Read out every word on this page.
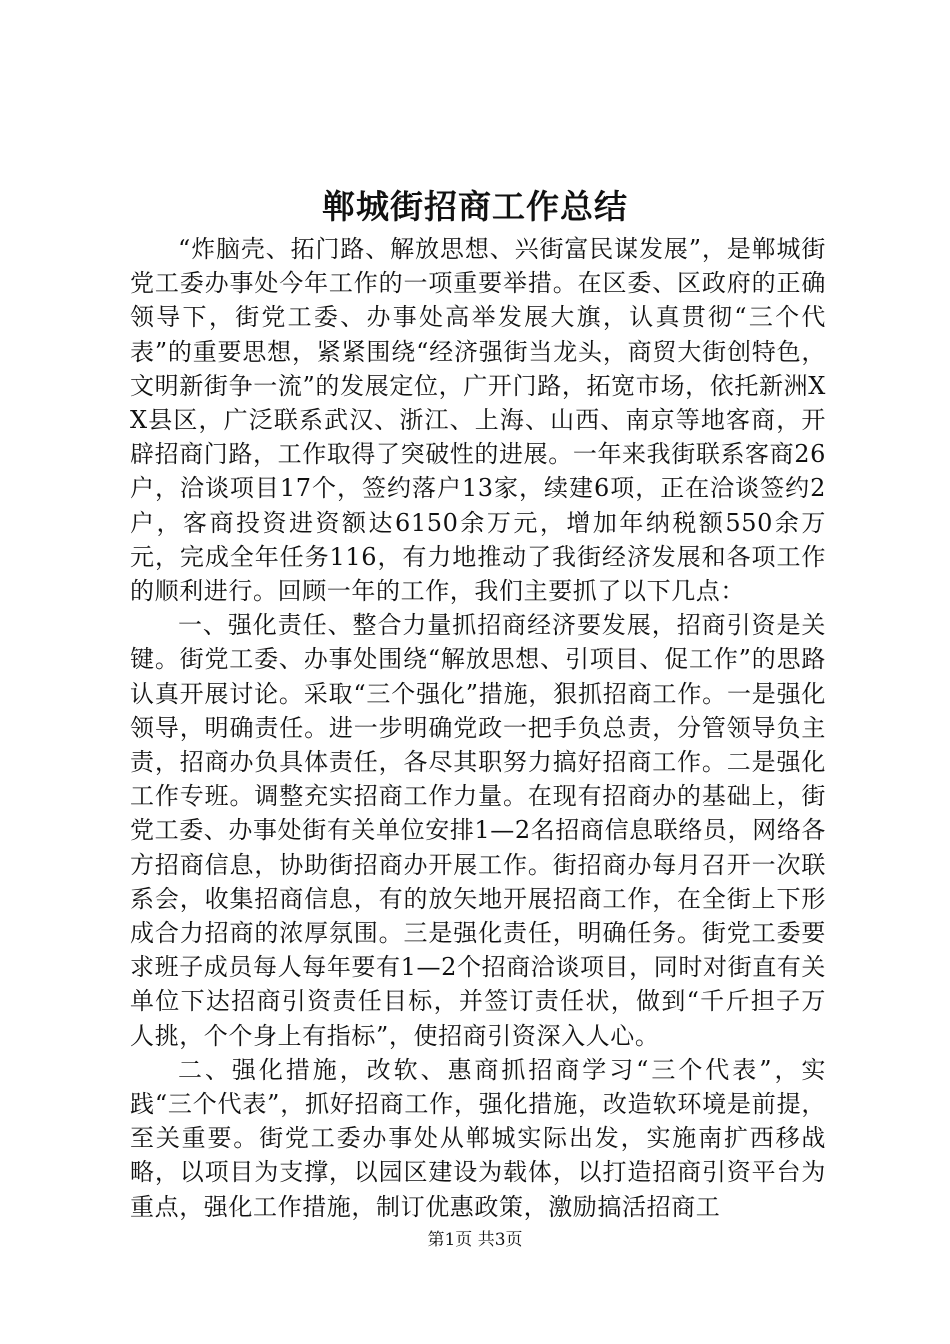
郸城街招商工作总结

“炸脑壳、拓门路、解放思想、兴街富民谋发展”，是郸城街党工委办事处今年工作的一项重要举措。在区委、区政府的正确领导下，街党工委、办事处高举发展大旗，认真贯彻“三个代表”的重要思想，紧紧围绕“经济强街当龙头，商贸大街创特色，文明新街争一流”的发展定位，广开门路，拓宽市场，依托新洲XX县区，广泛联系武汉、浙江、上海、山西、南京等地客商，开辟招商门路，工作取得了突破性的进展。一年来我街联系客商26户，洽谈项目17个，签约落户13家，续建6项，正在洽谈签约2户，客商投资进资额达6150余万元，增加年纳税额550余万元，完成全年任务116，有力地推动了我街经济发展和各项工作的顺利进行。回顾一年的工作，我们主要抓了以下几点：

一、强化责任、整合力量抓招商经济要发展，招商引资是关键。街党工委、办事处围绕“解放思想、引项目、促工作”的思路认真开展讨论。采取“三个强化”措施，狠抓招商工作。一是强化领导，明确责任。进一步明确党政一把手负总责，分管领导负主责，招商办负具体责任，各尽其职努力搞好招商工作。二是强化工作专班。调整充实招商工作力量。在现有招商办的基础上，街党工委、办事处街有关单位安排1—2名招商信息联络员，网络各方招商信息，协助街招商办开展工作。街招商办每月召开一次联系会，收集招商信息，有的放矢地开展招商工作，在全街上下形成合力招商的浓厚氛围。三是强化责任，明确任务。街党工委要求班子成员每人每年要有1—2个招商洽谈项目，同时对街直有关单位下达招商引资责任目标，并签订责任状，做到“千斤担子万人挑，个个身上有指标”，使招商引资深入人心。

二、强化措施，改软、惠商抓招商学习“三个代表”，实践“三个代表”，抓好招商工作，强化措施，改造软环境是前提，至关重要。街党工委办事处从郸城实际出发，实施南扩西移战略，以项目为支撑，以园区建设为载体，以打造招商引资平台为重点，强化工作措施，制订优惠政策，激励搞活招商工

第1页 共3页
